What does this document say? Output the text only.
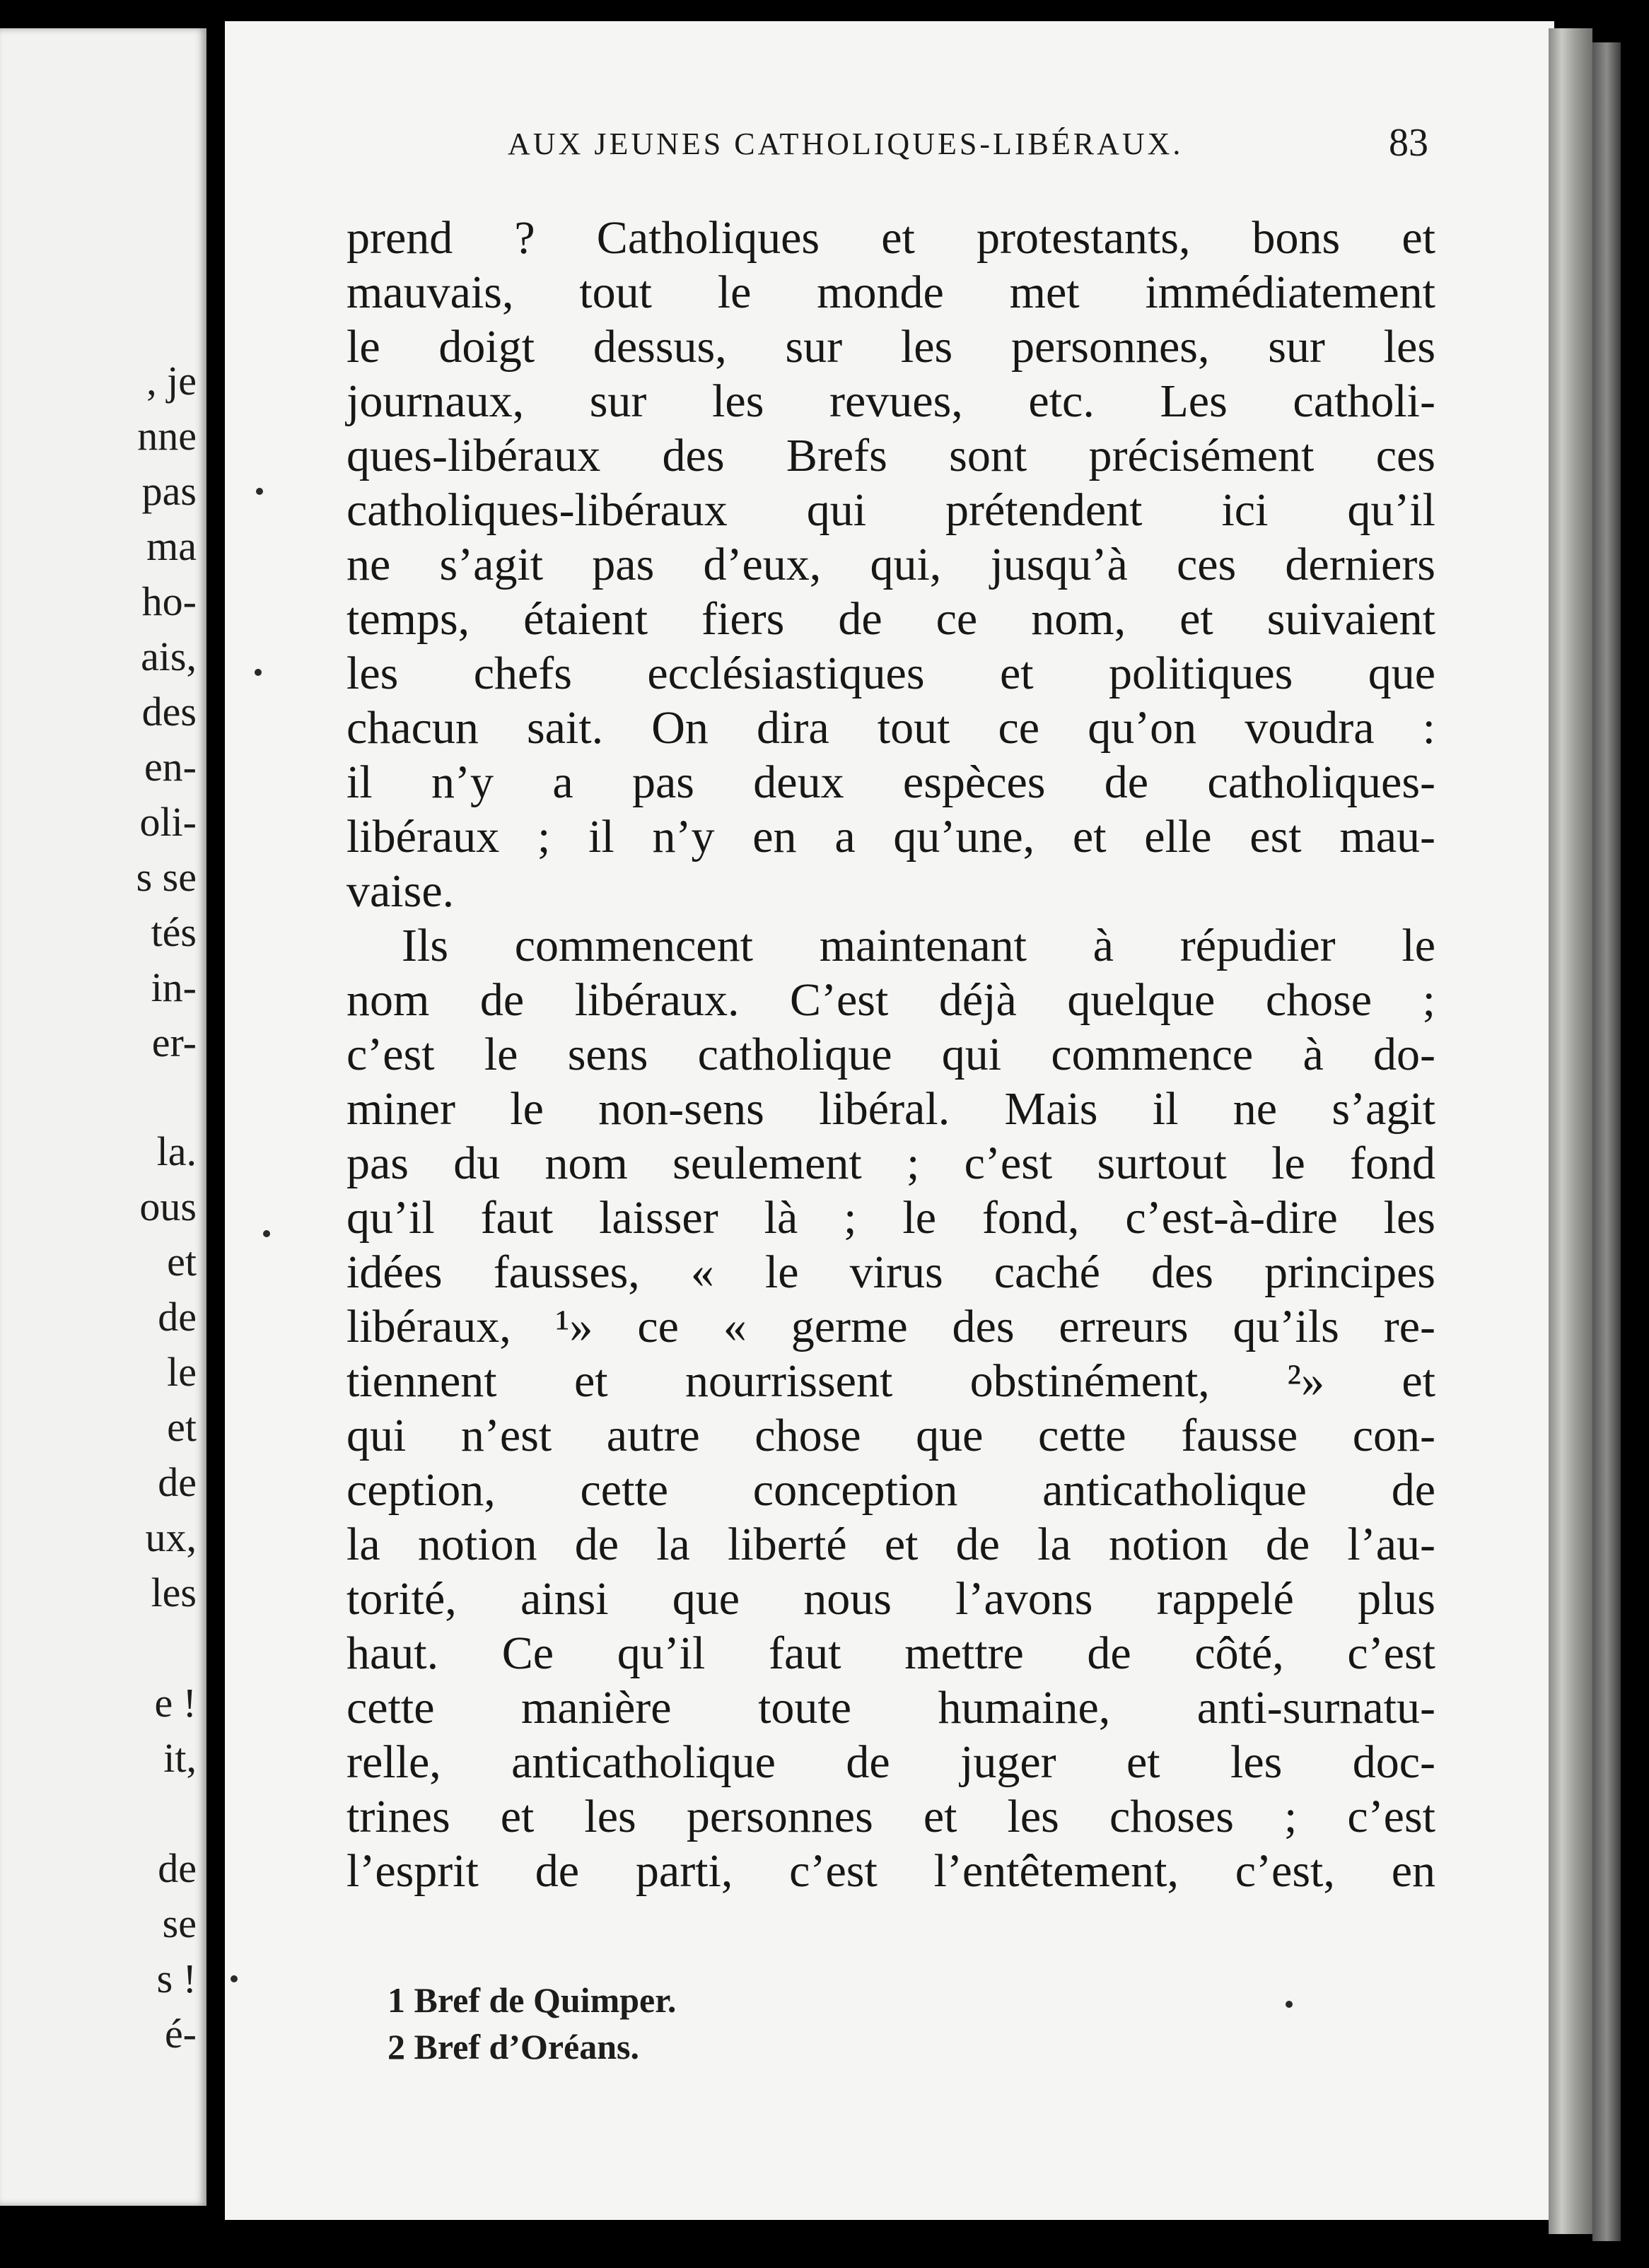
, je
nne
pas
ma
ho-
ais,
des
en-
oli-
s se
tés
in-
er-
la.
ous
et
de
le
et
de
ux,
les
e !
it,
de
se
s !
é-
AUX JEUNES CATHOLIQUES-LIBÉRAUX.	83
prend ? Catholiques et protestants, bons et
mauvais, tout le monde met immédiatement
le doigt dessus, sur les personnes, sur les
journaux, sur les revues, etc. Les catholi-
ques-libéraux des Brefs sont précisément ces
catholiques-libéraux qui prétendent ici qu’il
ne s’agit pas d’eux, qui, jusqu’à ces derniers
temps, étaient fiers de ce nom, et suivaient
les chefs ecclésiastiques et politiques que
chacun sait. On dira tout ce qu’on voudra :
il n’y a pas deux espèces de catholiques-
libéraux ; il n’y en a qu’une, et elle est mau-
vaise.
Ils commencent maintenant à répudier le
nom de libéraux. C’est déjà quelque chose ;
c’est le sens catholique qui commence à do-
miner le non-sens libéral. Mais il ne s’agit
pas du nom seulement ; c’est surtout le fond
qu’il faut laisser là ; le fond, c’est-à-dire les
idées fausses, « le virus caché des principes
libéraux, ¹» ce « germe des erreurs qu’ils re-
tiennent et nourrissent obstinément, ²» et
qui n’est autre chose que cette fausse con-
ception, cette conception anticatholique de
la notion de la liberté et de la notion de l’au-
torité, ainsi que nous l’avons rappelé plus
haut. Ce qu’il faut mettre de côté, c’est
cette manière toute humaine, anti-surnatu-
relle, anticatholique de juger et les doc-
trines et les personnes et les choses ; c’est
l’esprit de parti, c’est l’entêtement, c’est, en
1 Bref de Quimper.
2 Bref d’Oréans.
